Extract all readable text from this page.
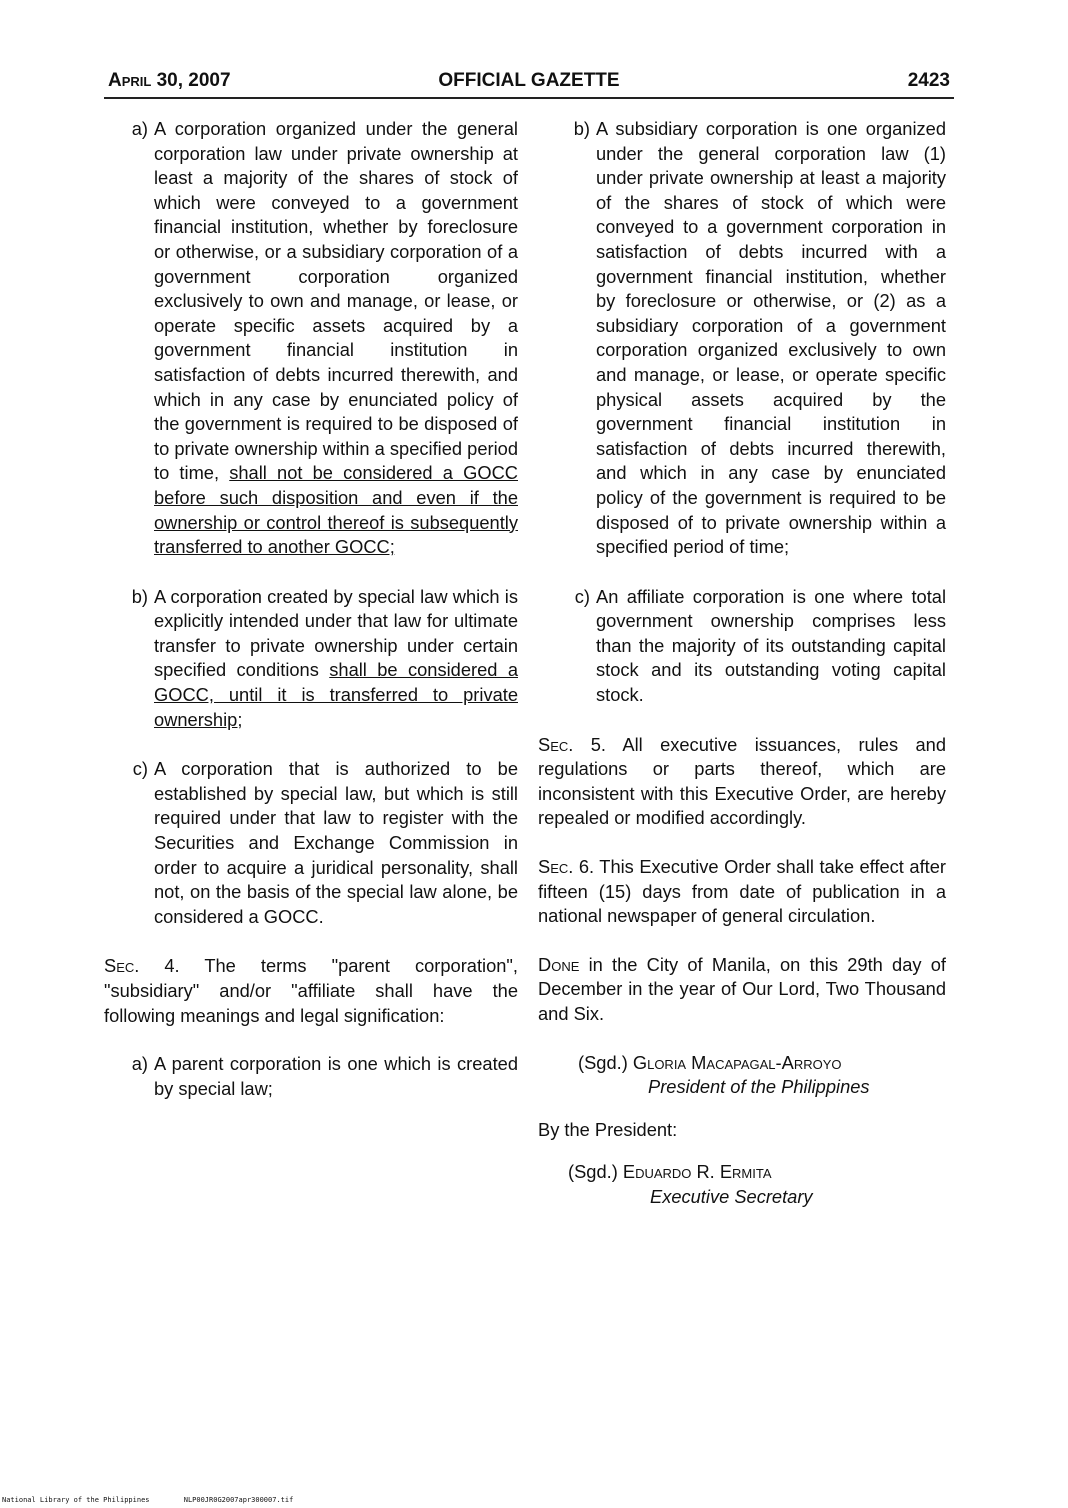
April 30, 2007	OFFICIAL GAZETTE	2423
a) A corporation organized under the general corporation law under private ownership at least a majority of the shares of stock of which were conveyed to a government financial institution, whether by foreclosure or otherwise, or a subsidiary corporation of a government corporation organized exclusively to own and manage, or lease, or operate specific assets acquired by a government financial institution in satisfaction of debts incurred therewith, and which in any case by enunciated policy of the government is required to be disposed of to private ownership within a specified period to time, shall not be considered a GOCC before such disposition and even if the ownership or control thereof is subsequently transferred to another GOCC;
b) A corporation created by special law which is explicitly intended under that law for ultimate transfer to private ownership under certain specified conditions shall be considered a GOCC, until it is transferred to private ownership;
c) A corporation that is authorized to be established by special law, but which is still required under that law to register with the Securities and Exchange Commission in order to acquire a juridical personality, shall not, on the basis of the special law alone, be considered a GOCC.
Sec. 4. The terms "parent corporation", "subsidiary" and/or "affiliate shall have the following meanings and legal signification:
a) A parent corporation is one which is created by special law;
b) A subsidiary corporation is one organized under the general corporation law (1) under private ownership at least a majority of the shares of stock of which were conveyed to a government corporation in satisfaction of debts incurred with a government financial institution, whether by foreclosure or otherwise, or (2) as a subsidiary corporation of a government corporation organized exclusively to own and manage, or lease, or operate specific physical assets acquired by the government financial institution in satisfaction of debts incurred therewith, and which in any case by enunciated policy of the government is required to be disposed of to private ownership within a specified period of time;
c) An affiliate corporation is one where total government ownership comprises less than the majority of its outstanding capital stock and its outstanding voting capital stock.
Sec. 5. All executive issuances, rules and regulations or parts thereof, which are inconsistent with this Executive Order, are hereby repealed or modified accordingly.
Sec. 6. This Executive Order shall take effect after fifteen (15) days from date of publication in a national newspaper of general circulation.
Done in the City of Manila, on this 29th day of December in the year of Our Lord, Two Thousand and Six.
(Sgd.) Gloria Macapagal-Arroyo
President of the Philippines
By the President:
(Sgd.) Eduardo R. Ermita
Executive Secretary
National Library of the Philippines	NLP00JR0G2007apr300007.tif
